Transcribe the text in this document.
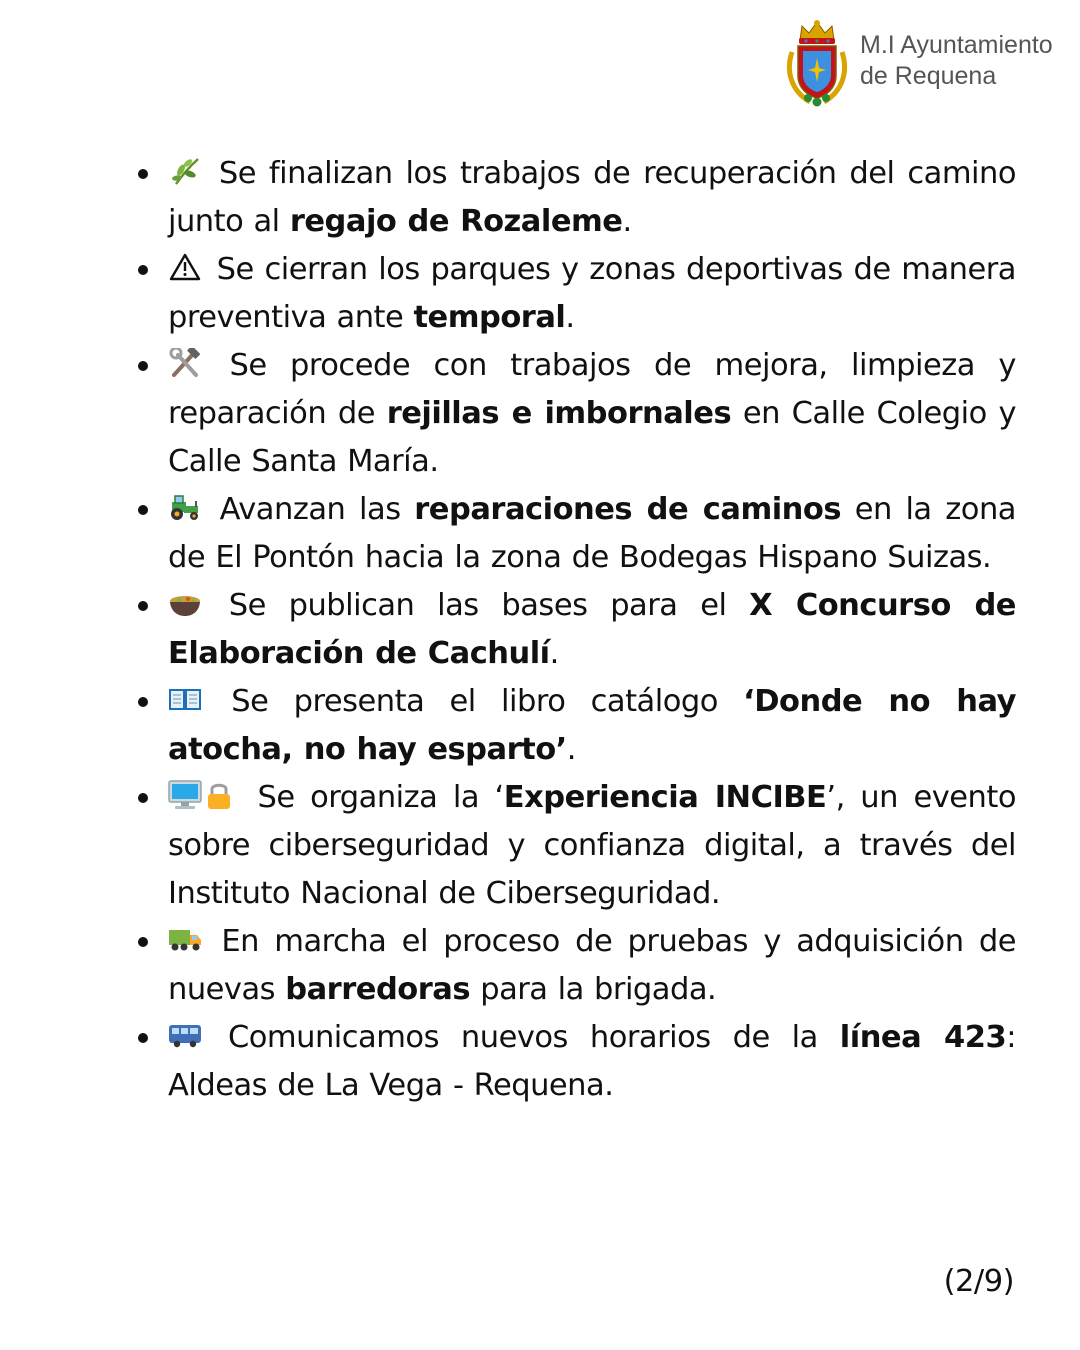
M.I Ayuntamiento
de Requena
Se finalizan los trabajos de recuperación del camino junto al regajo de Rozaleme.
Se cierran los parques y zonas deportivas de manera preventiva ante temporal.
Se procede con trabajos de mejora, limpieza y reparación de rejillas e imbornales en Calle Colegio y Calle Santa María.
Avanzan las reparaciones de caminos en la zona de El Pontón hacia la zona de Bodegas Hispano Suizas.
Se publican las bases para el X Concurso de Elaboración de Cachulí.
Se presenta el libro catálogo ‘Donde no hay atocha, no hay esparto’.
Se organiza la ‘Experiencia INCIBE’, un evento sobre ciberseguridad y confianza digital, a través del Instituto Nacional de Ciberseguridad.
En marcha el proceso de pruebas y adquisición de nuevas barredoras para la brigada.
Comunicamos nuevos horarios de la línea 423: Aldeas de La Vega - Requena.
(2/9)
